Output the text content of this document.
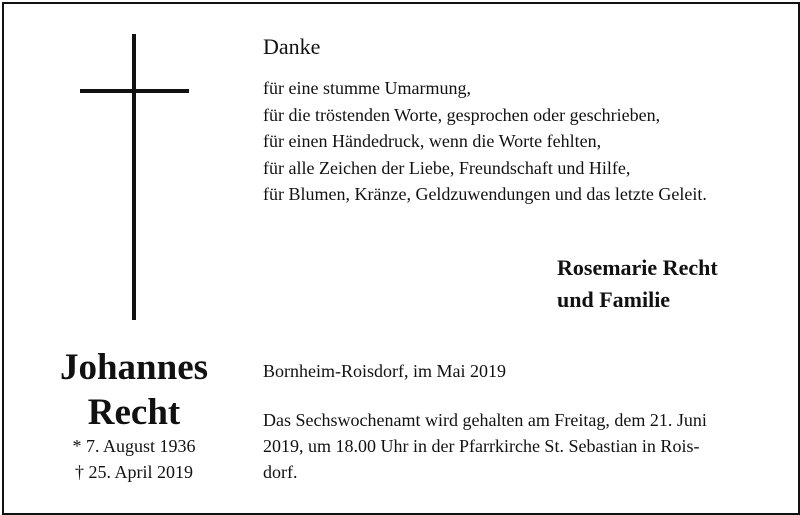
Johannes
Recht
* 7. August 1936
† 25. April 2019
Danke
für eine stumme Umarmung,
für die tröstenden Worte, gesprochen oder geschrieben,
für einen Händedruck, wenn die Worte fehlten,
für alle Zeichen der Liebe, Freundschaft und Hilfe,
für Blumen, Kränze, Geldzuwendungen und das letzte Geleit.
Rosemarie Recht
und Familie
Bornheim-Roisdorf, im Mai 2019
Das Sechswochenamt wird gehalten am Freitag, dem 21. Juni
2019, um 18.00 Uhr in der Pfarrkirche St. Sebastian in Rois-
dorf.
